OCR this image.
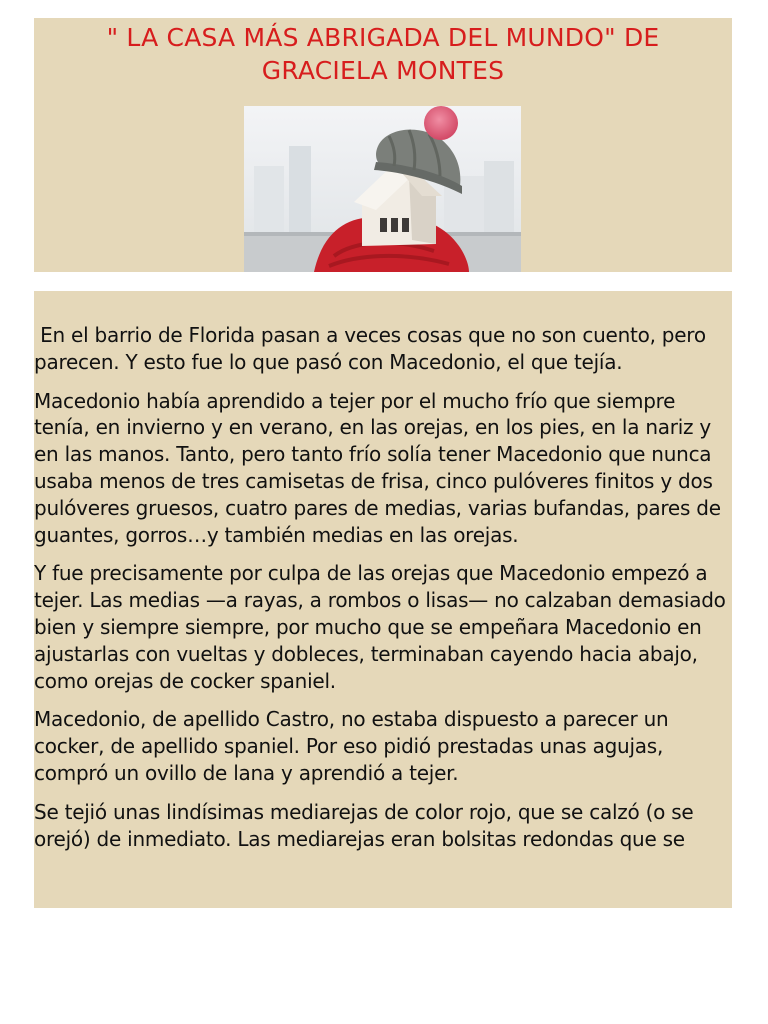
" LA CASA MÁS ABRIGADA DEL MUNDO" DE
GRACIELA MONTES

En el barrio de Florida pasan a veces cosas que no son cuento, pero parecen. Y esto fue lo que pasó con Macedonio, el que tejía.

Macedonio había aprendido a tejer por el mucho frío que siempre tenía, en invierno y en verano, en las orejas, en los pies, en la nariz y en las manos. Tanto, pero tanto frío solía tener Macedonio que nunca usaba menos de tres camisetas de frisa, cinco pulóveres finitos y dos pulóveres gruesos, cuatro pares de medias, varias bufandas, pares de guantes, gorros…y también medias en las orejas.

Y fue precisamente por culpa de las orejas que Macedonio empezó a tejer. Las medias —a rayas, a rombos o lisas— no calzaban demasiado bien y siempre siempre, por mucho que se empeñara Macedonio en ajustarlas con vueltas y dobleces, terminaban cayendo hacia abajo, como orejas de cocker spaniel.

Macedonio, de apellido Castro, no estaba dispuesto a parecer un cocker, de apellido spaniel. Por eso pidió prestadas unas agujas, compró un ovillo de lana y aprendió a tejer.

Se tejió unas lindísimas mediarejas de color rojo, que se calzó (o se orejó) de inmediato. Las mediarejas eran bolsitas redondas que se
